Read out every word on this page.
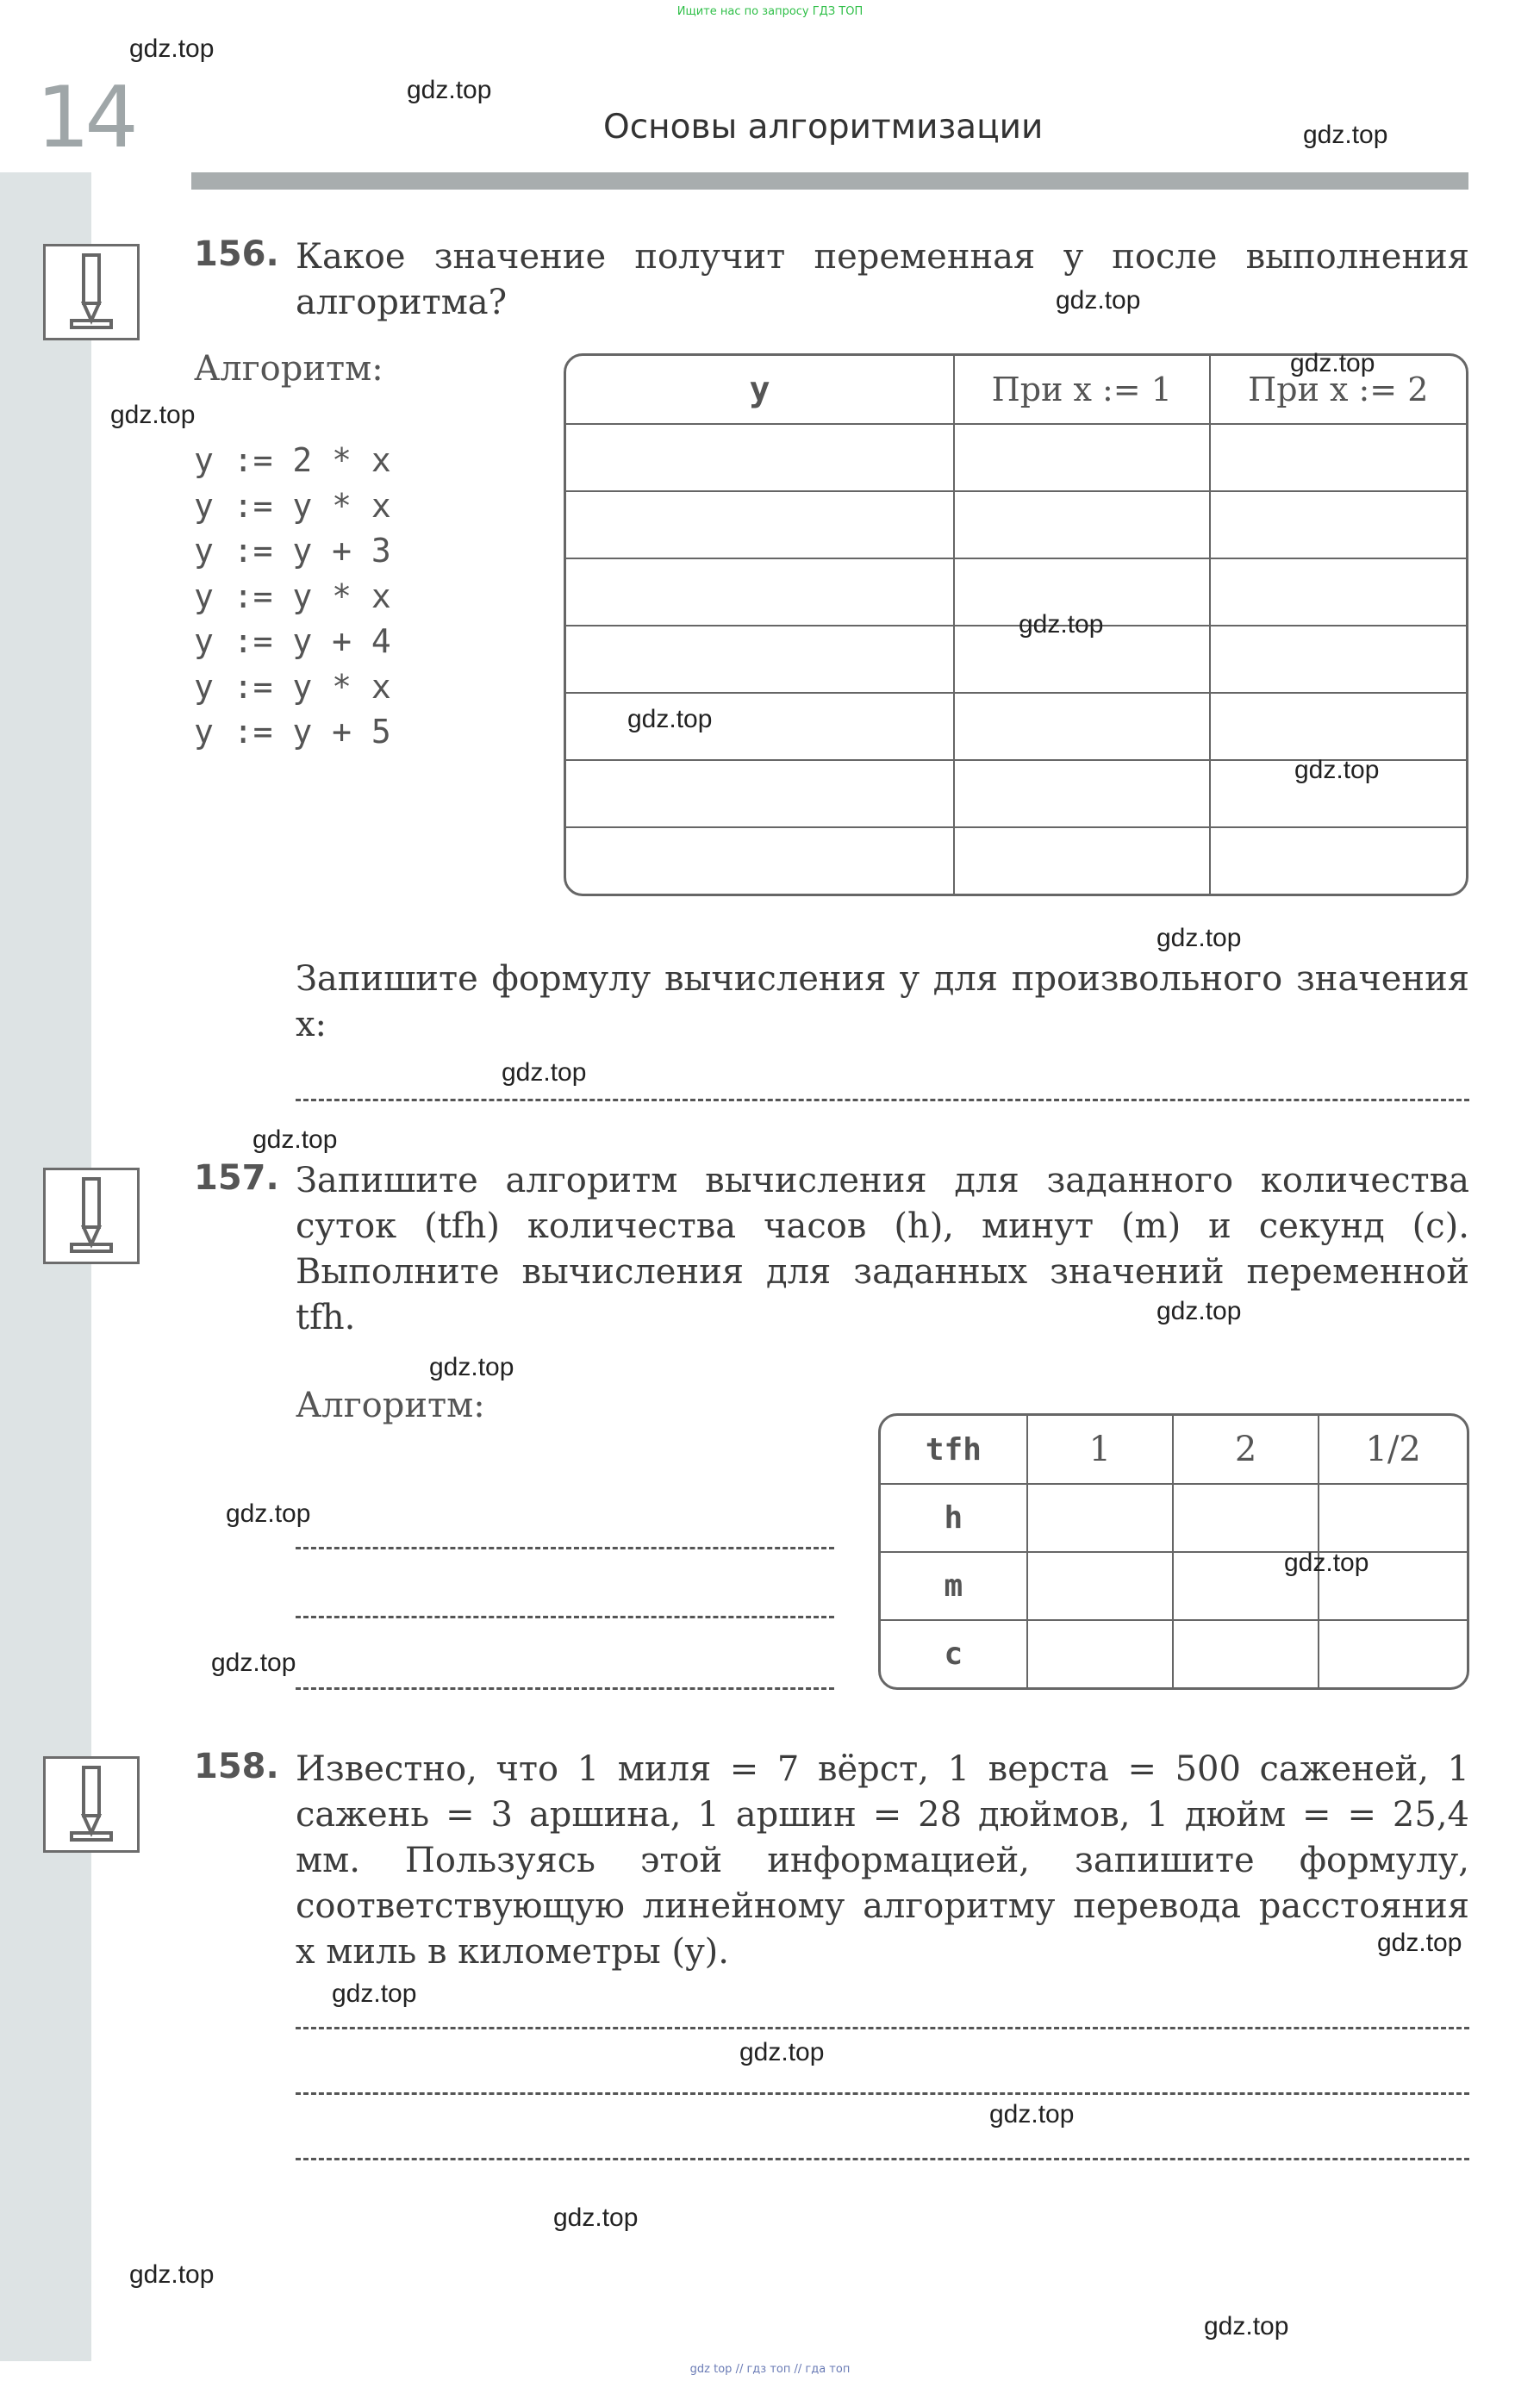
Ищите нас по запросу ГДЗ ТОП
14	Основы алгоритмизации
156. Какое значение получит переменная y после выполнения алгоритма?
Алгоритм:
y := 2 * x
y := y * x
y := y + 3
y := y * x
y := y + 4
y := y * x
y := y + 5
y	При x := 1	При x := 2

Запишите формулу вычисления y для произвольного значения x:
157. Запишите алгоритм вычисления для заданного количества суток (tfh) количества часов (h), минут (m) и секунд (c). Выполните вычисления для заданных значений переменной tfh.
Алгоритм:
tfh	1	2	1/2
h			
m			
c			
158. Известно, что 1 миля = 7 вёрст, 1 верста = 500 саженей, 1 сажень = 3 аршина, 1 аршин = 28 дюймов, 1 дюйм = = 25,4 мм. Пользуясь этой информацией, запишите формулу, соответствующую линейному алгоритму перевода расстояния x миль в километры (y).
gdz.top
gdz.top
gdz.top
gdz.top
gdz.top
gdz.top
gdz.top
gdz.top
gdz.top
gdz.top
gdz.top
gdz.top
gdz.top
gdz.top
gdz.top
gdz.top
gdz.top
gdz.top
gdz.top
gdz.top
gdz.top
gdz.top
gdz.top
gdz.top
gdz top // гдз топ // гда топ
